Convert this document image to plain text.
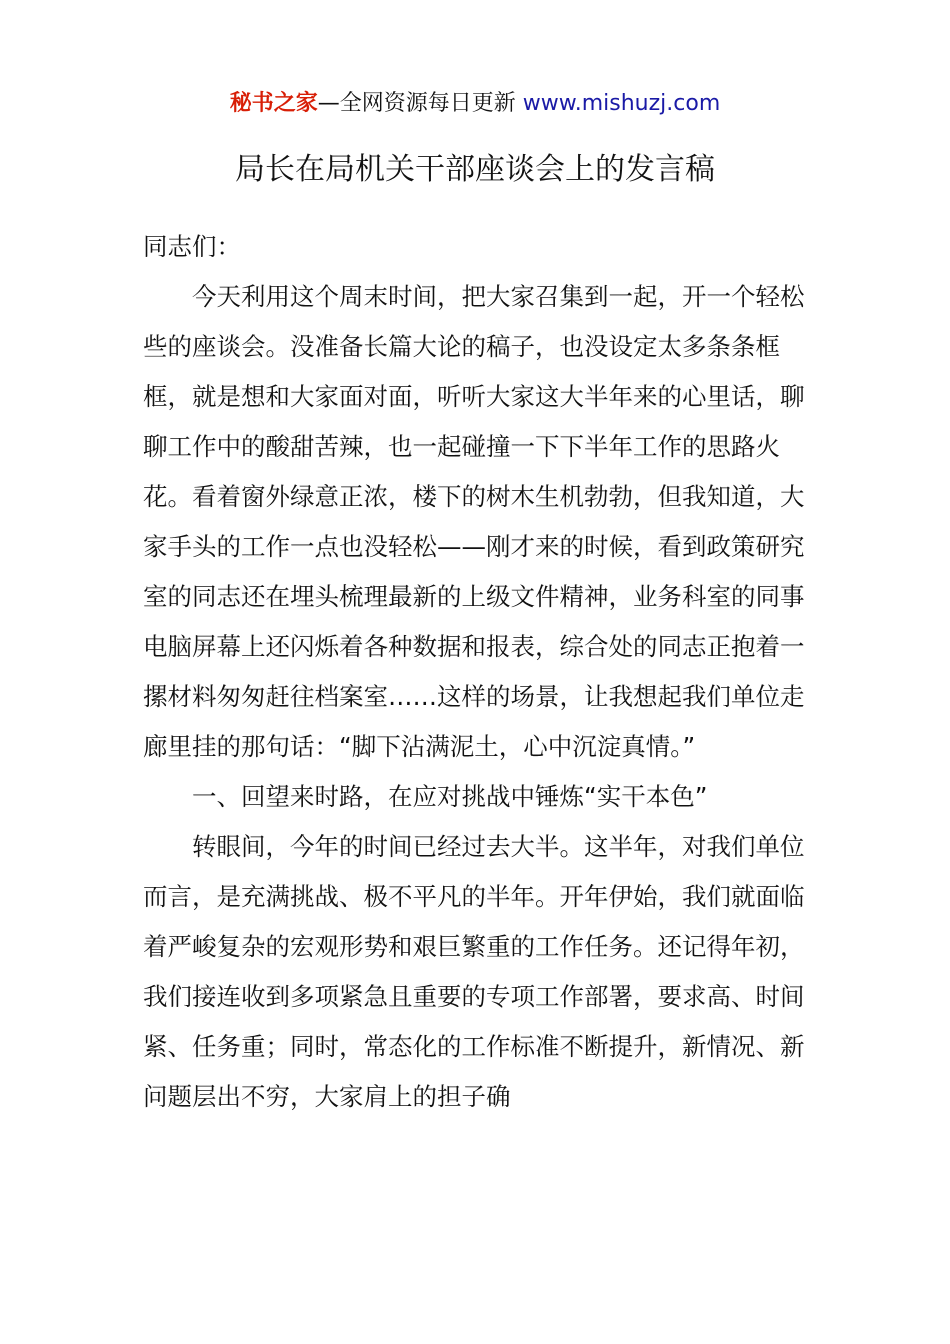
秘书之家—全网资源每日更新 www.mishuzj.com
局长在局机关干部座谈会上的发言稿

同志们：

今天利用这个周末时间，把大家召集到一起，开一个轻松些的座谈会。没准备长篇大论的稿子，也没设定太多条条框框，就是想和大家面对面，听听大家这大半年来的心里话，聊聊工作中的酸甜苦辣，也一起碰撞一下下半年工作的思路火花。看着窗外绿意正浓，楼下的树木生机勃勃，但我知道，大家手头的工作一点也没轻松——刚才来的时候，看到政策研究室的同志还在埋头梳理最新的上级文件精神，业务科室的同事电脑屏幕上还闪烁着各种数据和报表，综合处的同志正抱着一摞材料匆匆赶往档案室……这样的场景，让我想起我们单位走廊里挂的那句话：“脚下沾满泥土，心中沉淀真情。”

一、回望来时路，在应对挑战中锤炼“实干本色”

转眼间，今年的时间已经过去大半。这半年，对我们单位而言，是充满挑战、极不平凡的半年。开年伊始，我们就面临着严峻复杂的宏观形势和艰巨繁重的工作任务。还记得年初，我们接连收到多项紧急且重要的专项工作部署，要求高、时间紧、任务重；同时，常态化的工作标准不断提升，新情况、新问题层出不穷，大家肩上的担子确
